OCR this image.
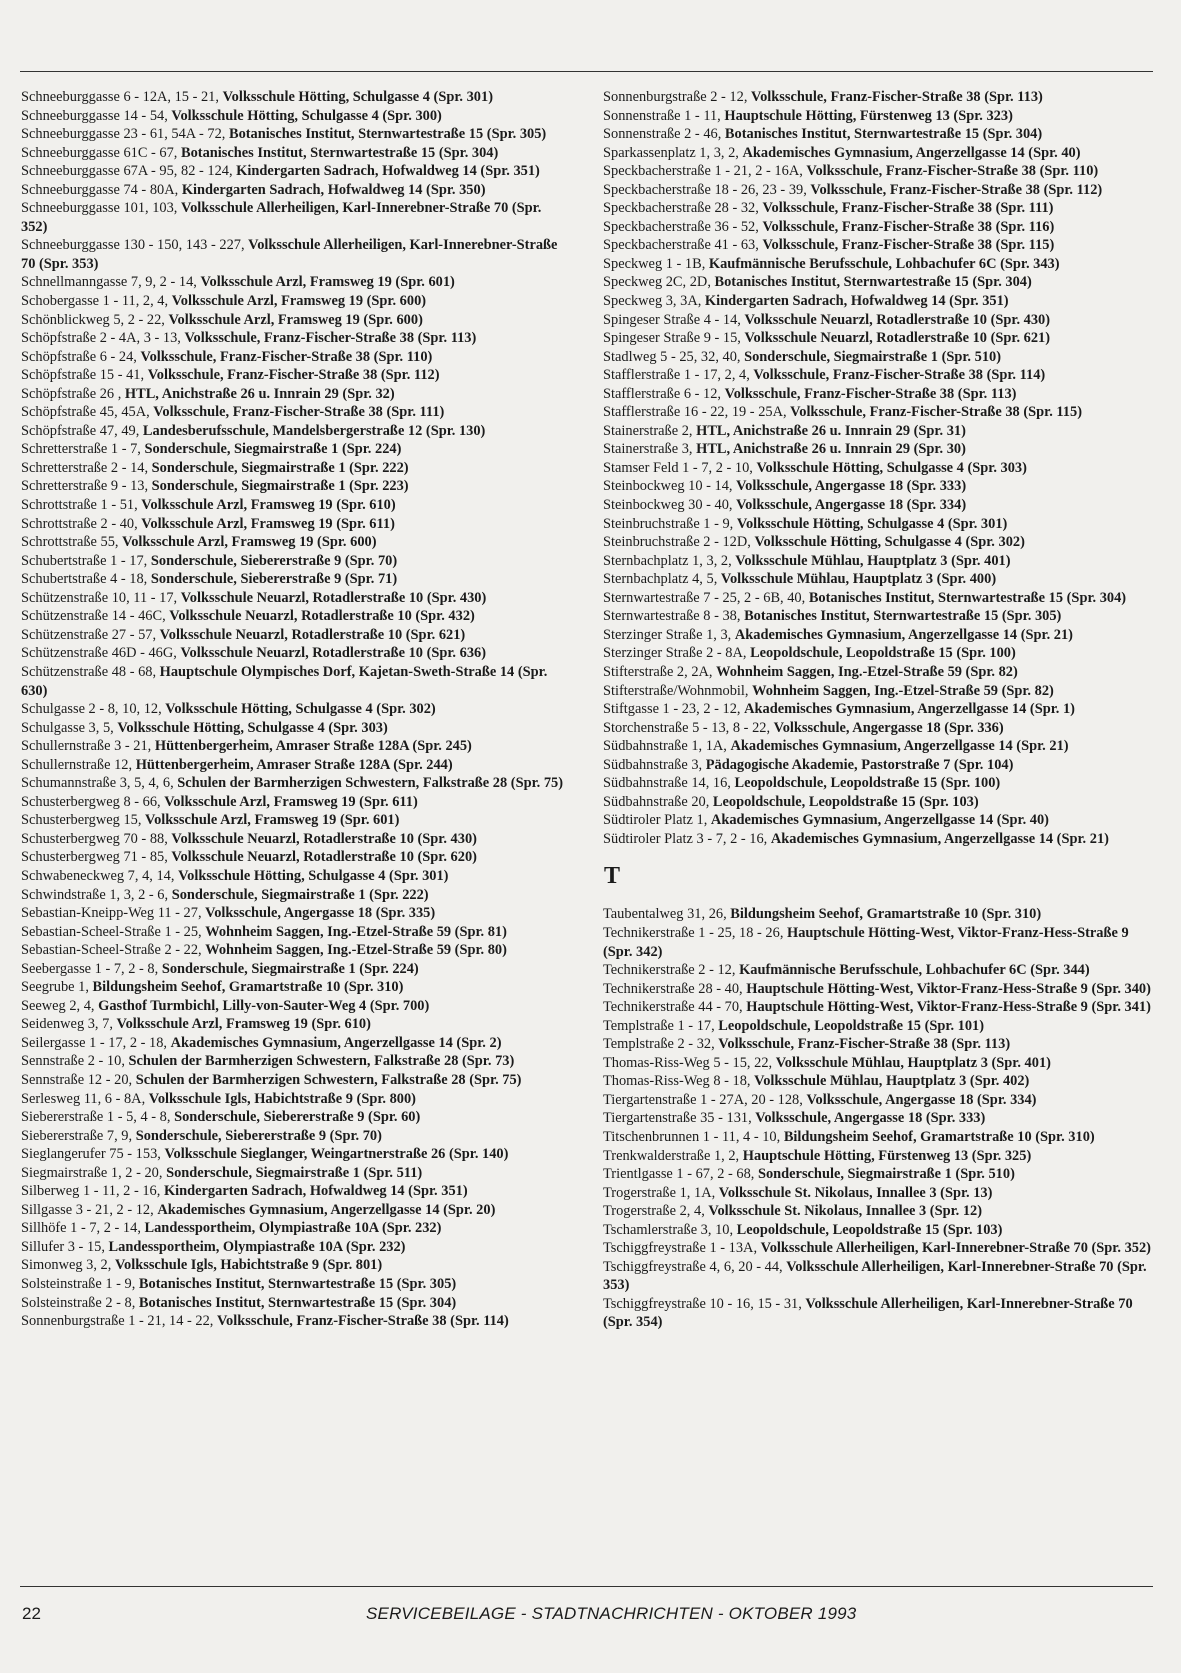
Schneeburggasse 6 - 12A, 15 - 21, Volksschule Hötting, Schulgasse 4 (Spr. 301)
Schneeburggasse 14 - 54, Volksschule Hötting, Schulgasse 4 (Spr. 300)
Schneeburggasse 23 - 61, 54A - 72, Botanisches Institut, Sternwartestraße 15 (Spr. 305)
Schneeburggasse 61C - 67, Botanisches Institut, Sternwartestraße 15 (Spr. 304)
Schneeburggasse 67A - 95, 82 - 124, Kindergarten Sadrach, Hofwaldweg 14 (Spr. 351)
Schneeburggasse 74 - 80A, Kindergarten Sadrach, Hofwaldweg 14 (Spr. 350)
Schneeburggasse 101, 103, Volksschule Allerheiligen, Karl-Innerebner-Straße 70 (Spr. 352)
Schneeburggasse 130 - 150, 143 - 227, Volksschule Allerheiligen, Karl-Innerebner-Straße 70 (Spr. 353)
Schnellmanngasse 7, 9, 2 - 14, Volksschule Arzl, Framsweg 19 (Spr. 601)
Schobergasse 1 - 11, 2, 4, Volksschule Arzl, Framsweg 19 (Spr. 600)
Schönblickweg 5, 2 - 22, Volksschule Arzl, Framsweg 19 (Spr. 600)
Schöpfstraße 2 - 4A, 3 - 13, Volksschule, Franz-Fischer-Straße 38 (Spr. 113)
Schöpfstraße 6 - 24, Volksschule, Franz-Fischer-Straße 38 (Spr. 110)
Schöpfstraße 15 - 41, Volksschule, Franz-Fischer-Straße 38 (Spr. 112)
Schöpfstraße 26 , HTL, Anichstraße 26 u. Innrain 29 (Spr. 32)
Schöpfstraße 45, 45A, Volksschule, Franz-Fischer-Straße 38 (Spr. 111)
Schöpfstraße 47, 49, Landesberufsschule, Mandelsbergerstraße 12 (Spr. 130)
Schretterstraße 1 - 7, Sonderschule, Siegmairstraße 1 (Spr. 224)
Schretterstraße 2 - 14, Sonderschule, Siegmairstraße 1 (Spr. 222)
Schretterstraße 9 - 13, Sonderschule, Siegmairstraße 1 (Spr. 223)
Schrottstraße 1 - 51, Volksschule Arzl, Framsweg 19 (Spr. 610)
Schrottstraße 2 - 40, Volksschule Arzl, Framsweg 19 (Spr. 611)
Schrottstraße 55, Volksschule Arzl, Framsweg 19 (Spr. 600)
Schubertstraße 1 - 17, Sonderschule, Siebererstraße 9 (Spr. 70)
Schubertstraße 4 - 18, Sonderschule, Siebererstraße 9 (Spr. 71)
Schützenstraße 10, 11 - 17, Volksschule Neuarzl, Rotadlerstraße 10 (Spr. 430)
Schützenstraße 14 - 46C, Volksschule Neuarzl, Rotadlerstraße 10 (Spr. 432)
Schützenstraße 27 - 57, Volksschule Neuarzl, Rotadlerstraße 10 (Spr. 621)
Schützenstraße 46D - 46G, Volksschule Neuarzl, Rotadlerstraße 10 (Spr. 636)
Schützenstraße 48 - 68, Hauptschule Olympisches Dorf, Kajetan-Sweth-Straße 14 (Spr. 630)
Schulgasse 2 - 8, 10, 12, Volksschule Hötting, Schulgasse 4 (Spr. 302)
Schulgasse 3, 5, Volksschule Hötting, Schulgasse 4 (Spr. 303)
Schullernstraße 3 - 21, Hüttenbergerheim, Amraser Straße 128A (Spr. 245)
Schullernstraße 12, Hüttenbergerheim, Amraser Straße 128A (Spr. 244)
Schumannstraße 3, 5, 4, 6, Schulen der Barmherzigen Schwestern, Falkstraße 28 (Spr. 75)
Schusterbergweg 8 - 66, Volksschule Arzl, Framsweg 19 (Spr. 611)
Schusterbergweg 15, Volksschule Arzl, Framsweg 19 (Spr. 601)
Schusterbergweg 70 - 88, Volksschule Neuarzl, Rotadlerstraße 10 (Spr. 430)
Schusterbergweg 71 - 85, Volksschule Neuarzl, Rotadlerstraße 10 (Spr. 620)
Schwabeneckweg 7, 4, 14, Volksschule Hötting, Schulgasse 4 (Spr. 301)
Schwindstraße 1, 3, 2 - 6, Sonderschule, Siegmairstraße 1 (Spr. 222)
Sebastian-Kneipp-Weg 11 - 27, Volksschule, Angergasse 18 (Spr. 335)
Sebastian-Scheel-Straße 1 - 25, Wohnheim Saggen, Ing.-Etzel-Straße 59 (Spr. 81)
Sebastian-Scheel-Straße 2 - 22, Wohnheim Saggen, Ing.-Etzel-Straße 59 (Spr. 80)
Seebergasse 1 - 7, 2 - 8, Sonderschule, Siegmairstraße 1 (Spr. 224)
Seegrube 1, Bildungsheim Seehof, Gramartstraße 10 (Spr. 310)
Seeweg 2, 4, Gasthof Turmbichl, Lilly-von-Sauter-Weg 4 (Spr. 700)
Seidenweg 3, 7, Volksschule Arzl, Framsweg 19 (Spr. 610)
Seilergasse 1 - 17, 2 - 18, Akademisches Gymnasium, Angerzellgasse 14 (Spr. 2)
Sennstraße 2 - 10, Schulen der Barmherzigen Schwestern, Falkstraße 28 (Spr. 73)
Sennstraße 12 - 20, Schulen der Barmherzigen Schwestern, Falkstraße 28 (Spr. 75)
Serlesweg 11, 6 - 8A, Volksschule Igls, Habichtstraße 9 (Spr. 800)
Siebererstraße 1 - 5, 4 - 8, Sonderschule, Siebererstraße 9 (Spr. 60)
Siebererstraße 7, 9, Sonderschule, Siebererstraße 9 (Spr. 70)
Sieglangerufer 75 - 153, Volksschule Sieglanger, Weingartnerstraße 26 (Spr. 140)
Siegmairstraße 1, 2 - 20, Sonderschule, Siegmairstraße 1 (Spr. 511)
Silberweg 1 - 11, 2 - 16, Kindergarten Sadrach, Hofwaldweg 14 (Spr. 351)
Sillgasse 3 - 21, 2 - 12, Akademisches Gymnasium, Angerzellgasse 14 (Spr. 20)
Sillhöfe 1 - 7, 2 - 14, Landessportheim, Olympiastraße 10A (Spr. 232)
Sillufer 3 - 15, Landessportheim, Olympiastraße 10A (Spr. 232)
Simonweg 3, 2, Volksschule Igls, Habichtstraße 9 (Spr. 801)
Solsteinstraße 1 - 9, Botanisches Institut, Sternwartestraße 15 (Spr. 305)
Solsteinstraße 2 - 8, Botanisches Institut, Sternwartestraße 15 (Spr. 304)
Sonnenburgstraße 1 - 21, 14 - 22, Volksschule, Franz-Fischer-Straße 38 (Spr. 114)
Sonnenburgstraße 2 - 12, Volksschule, Franz-Fischer-Straße 38 (Spr. 113)
Sonnenstraße 1 - 11, Hauptschule Hötting, Fürstenweg 13 (Spr. 323)
Sonnenstraße 2 - 46, Botanisches Institut, Sternwartestraße 15 (Spr. 304)
Sparkassenplatz 1, 3, 2, Akademisches Gymnasium, Angerzellgasse 14 (Spr. 40)
Speckbacherstraße 1 - 21, 2 - 16A, Volksschule, Franz-Fischer-Straße 38 (Spr. 110)
Speckbacherstraße 18 - 26, 23 - 39, Volksschule, Franz-Fischer-Straße 38 (Spr. 112)
Speckbacherstraße 28 - 32, Volksschule, Franz-Fischer-Straße 38 (Spr. 111)
Speckbacherstraße 36 - 52, Volksschule, Franz-Fischer-Straße 38 (Spr. 116)
Speckbacherstraße 41 - 63, Volksschule, Franz-Fischer-Straße 38 (Spr. 115)
Speckweg 1 - 1B, Kaufmännische Berufsschule, Lohbachufer 6C (Spr. 343)
Speckweg 2C, 2D, Botanisches Institut, Sternwartestraße 15 (Spr. 304)
Speckweg 3, 3A, Kindergarten Sadrach, Hofwaldweg 14 (Spr. 351)
Spingeser Straße 4 - 14, Volksschule Neuarzl, Rotadlerstraße 10 (Spr. 430)
Spingeser Straße 9 - 15, Volksschule Neuarzl, Rotadlerstraße 10 (Spr. 621)
Stadlweg 5 - 25, 32, 40, Sonderschule, Siegmairstraße 1 (Spr. 510)
Stafflerstraße 1 - 17, 2, 4, Volksschule, Franz-Fischer-Straße 38 (Spr. 114)
Stafflerstraße 6 - 12, Volksschule, Franz-Fischer-Straße 38 (Spr. 113)
Stafflerstraße 16 - 22, 19 - 25A, Volksschule, Franz-Fischer-Straße 38 (Spr. 115)
Stainerstraße 2, HTL, Anichstraße 26 u. Innrain 29 (Spr. 31)
Stainerstraße 3, HTL, Anichstraße 26 u. Innrain 29 (Spr. 30)
Stamser Feld 1 - 7, 2 - 10, Volksschule Hötting, Schulgasse 4 (Spr. 303)
Steinbockweg 10 - 14, Volksschule, Angergasse 18 (Spr. 333)
Steinbockweg 30 - 40, Volksschule, Angergasse 18 (Spr. 334)
Steinbruchstraße 1 - 9, Volksschule Hötting, Schulgasse 4 (Spr. 301)
Steinbruchstraße 2 - 12D, Volksschule Hötting, Schulgasse 4 (Spr. 302)
Sternbachplatz 1, 3, 2, Volksschule Mühlau, Hauptplatz 3 (Spr. 401)
Sternbachplatz 4, 5, Volksschule Mühlau, Hauptplatz 3 (Spr. 400)
Sternwartestraße 7 - 25, 2 - 6B, 40, Botanisches Institut, Sternwartestraße 15 (Spr. 304)
Sternwartestraße 8 - 38, Botanisches Institut, Sternwartestraße 15 (Spr. 305)
Sterzinger Straße 1, 3, Akademisches Gymnasium, Angerzellgasse 14 (Spr. 21)
Sterzinger Straße 2 - 8A, Leopoldschule, Leopoldstraße 15 (Spr. 100)
Stifterstraße 2, 2A, Wohnheim Saggen, Ing.-Etzel-Straße 59 (Spr. 82)
Stifterstraße/Wohnmobil, Wohnheim Saggen, Ing.-Etzel-Straße 59 (Spr. 82)
Stiftgasse 1 - 23, 2 - 12, Akademisches Gymnasium, Angerzellgasse 14 (Spr. 1)
Storchenstraße 5 - 13, 8 - 22, Volksschule, Angergasse 18 (Spr. 336)
Südbahnstraße 1, 1A, Akademisches Gymnasium, Angerzellgasse 14 (Spr. 21)
Südbahnstraße 3, Pädagogische Akademie, Pastorstraße 7 (Spr. 104)
Südbahnstraße 14, 16, Leopoldschule, Leopoldstraße 15 (Spr. 100)
Südbahnstraße 20, Leopoldschule, Leopoldstraße 15 (Spr. 103)
Südtiroler Platz 1, Akademisches Gymnasium, Angerzellgasse 14 (Spr. 40)
Südtiroler Platz 3 - 7, 2 - 16, Akademisches Gymnasium, Angerzellgasse 14 (Spr. 21)
T
Taubentalweg 31, 26, Bildungsheim Seehof, Gramartstraße 10 (Spr. 310)
Technikerstraße 1 - 25, 18 - 26, Hauptschule Hötting-West, Viktor-Franz-Hess-Straße 9 (Spr. 342)
Technikerstraße 2 - 12, Kaufmännische Berufsschule, Lohbachufer 6C (Spr. 344)
Technikerstraße 28 - 40, Hauptschule Hötting-West, Viktor-Franz-Hess-Straße 9 (Spr. 340)
Technikerstraße 44 - 70, Hauptschule Hötting-West, Viktor-Franz-Hess-Straße 9 (Spr. 341)
Templstraße 1 - 17, Leopoldschule, Leopoldstraße 15 (Spr. 101)
Templstraße 2 - 32, Volksschule, Franz-Fischer-Straße 38 (Spr. 113)
Thomas-Riss-Weg 5 - 15, 22, Volksschule Mühlau, Hauptplatz 3 (Spr. 401)
Thomas-Riss-Weg 8 - 18, Volksschule Mühlau, Hauptplatz 3 (Spr. 402)
Tiergartenstraße 1 - 27A, 20 - 128, Volksschule, Angergasse 18 (Spr. 334)
Tiergartenstraße 35 - 131, Volksschule, Angergasse 18 (Spr. 333)
Titschenbrunnen 1 - 11, 4 - 10, Bildungsheim Seehof, Gramartstraße 10 (Spr. 310)
Trenkwalderstraße 1, 2, Hauptschule Hötting, Fürstenweg 13 (Spr. 325)
Trientlgasse 1 - 67, 2 - 68, Sonderschule, Siegmairstraße 1 (Spr. 510)
Trogerstraße 1, 1A, Volksschule St. Nikolaus, Innallee 3 (Spr. 13)
Trogerstraße 2, 4, Volksschule St. Nikolaus, Innallee 3 (Spr. 12)
Tschamlerstraße 3, 10, Leopoldschule, Leopoldstraße 15 (Spr. 103)
Tschiggfreystraße 1 - 13A, Volksschule Allerheiligen, Karl-Innerebner-Straße 70 (Spr. 352)
Tschiggfreystraße 4, 6, 20 - 44, Volksschule Allerheiligen, Karl-Innerebner-Straße 70 (Spr. 353)
Tschiggfreystraße 10 - 16, 15 - 31, Volksschule Allerheiligen, Karl-Innerebner-Straße 70 (Spr. 354)
22	SERVICEBEILAGE - STADTNACHRICHTEN - OKTOBER 1993
